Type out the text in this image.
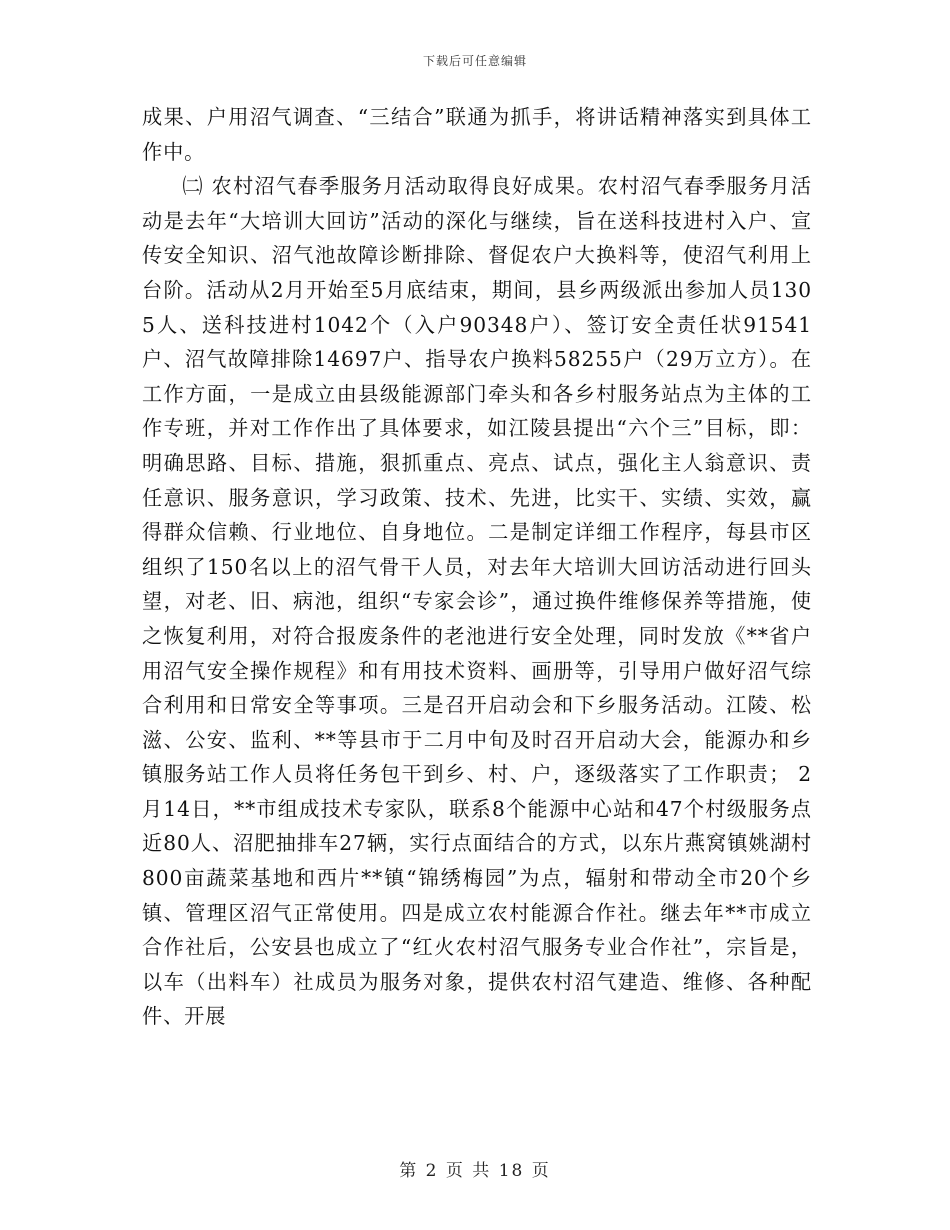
下载后可任意编辑

成果、户用沼气调查、“三结合”联通为抓手，将讲话精神落实到具体工作中。

㈡ 农村沼气春季服务月活动取得良好成果。农村沼气春季服务月活动是去年“大培训大回访”活动的深化与继续，旨在送科技进村入户、宣传安全知识、沼气池故障诊断排除、督促农户大换料等，使沼气利用上台阶。活动从2月开始至5月底结束，期间，县乡两级派出参加人员1305人、送科技进村1042个（入户90348户）、签订安全责任状91541户、沼气故障排除14697户、指导农户换料58255户（29万立方）。在工作方面，一是成立由县级能源部门牵头和各乡村服务站点为主体的工作专班，并对工作作出了具体要求，如江陵县提出“六个三”目标，即：明确思路、目标、措施，狠抓重点、亮点、试点，强化主人翁意识、责任意识、服务意识，学习政策、技术、先进，比实干、实绩、实效，赢得群众信赖、行业地位、自身地位。二是制定详细工作程序，每县市区组织了150名以上的沼气骨干人员，对去年大培训大回访活动进行回头望，对老、旧、病池，组织“专家会诊”，通过换件维修保养等措施，使之恢复利用，对符合报废条件的老池进行安全处理，同时发放《**省户用沼气安全操作规程》和有用技术资料、画册等，引导用户做好沼气综合利用和日常安全等事项。三是召开启动会和下乡服务活动。江陵、松滋、公安、监利、**等县市于二月中旬及时召开启动大会，能源办和乡镇服务站工作人员将任务包干到乡、村、户，逐级落实了工作职责； 2月14日，**市组成技术专家队，联系8个能源中心站和47个村级服务点近80人、沼肥抽排车27辆，实行点面结合的方式，以东片燕窝镇姚湖村800亩蔬菜基地和西片**镇“锦绣梅园”为点，辐射和带动全市20个乡镇、管理区沼气正常使用。四是成立农村能源合作社。继去年**市成立合作社后，公安县也成立了“红火农村沼气服务专业合作社”，宗旨是，以车（出料车）社成员为服务对象，提供农村沼气建造、维修、各种配件、开展

第 2 页 共 18 页
